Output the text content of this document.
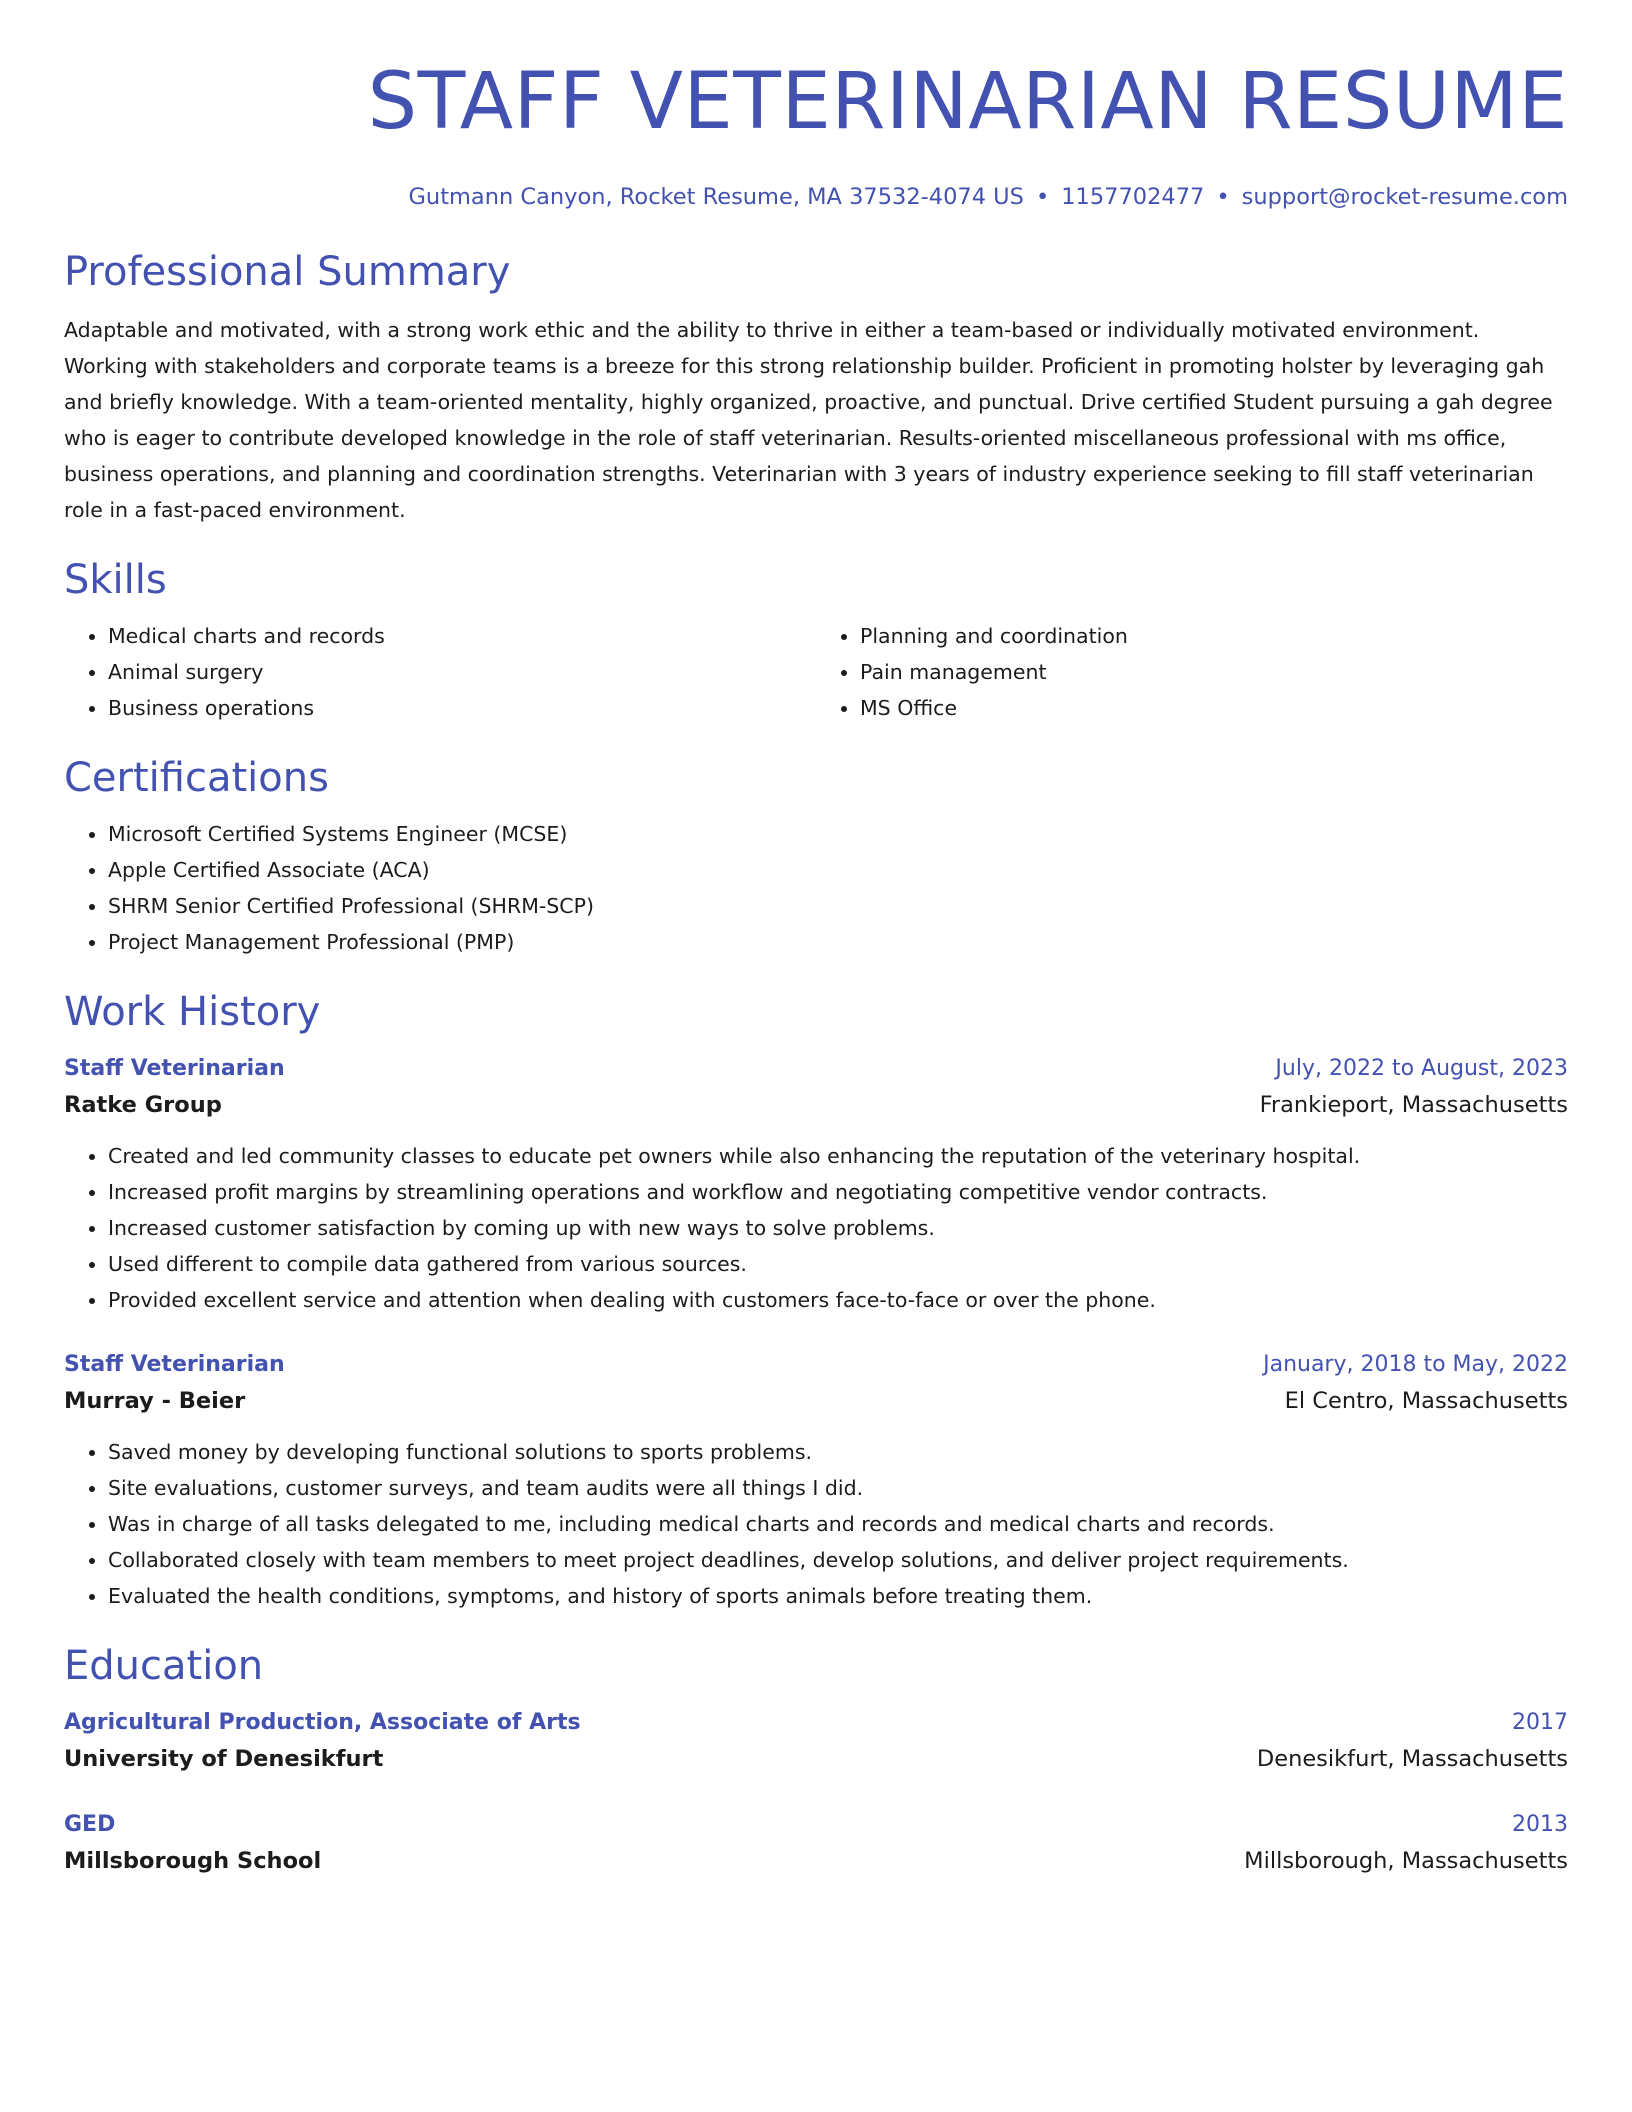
STAFF VETERINARIAN RESUME
Gutmann Canyon, Rocket Resume, MA 37532-4074 US • 1157702477 • support@rocket-resume.com
Professional Summary

Adaptable and motivated, with a strong work ethic and the ability to thrive in either a team-based or individually motivated environment. Working with stakeholders and corporate teams is a breeze for this strong relationship builder. Proficient in promoting holster by leveraging gah and briefly knowledge. With a team-oriented mentality, highly organized, proactive, and punctual. Drive certified Student pursuing a gah degree who is eager to contribute developed knowledge in the role of staff veterinarian. Results-oriented miscellaneous professional with ms office, business operations, and planning and coordination strengths. Veterinarian with 3 years of industry experience seeking to fill staff veterinarian role in a fast-paced environment.

Skills
• Medical charts and records
• Animal surgery
• Business operations
• Planning and coordination
• Pain management
• MS Office
Certifications
• Microsoft Certified Systems Engineer (MCSE)
• Apple Certified Associate (ACA)
• SHRM Senior Certified Professional (SHRM-SCP)
• Project Management Professional (PMP)
Work History
Staff Veterinarian	July, 2022 to August, 2023
Ratke Group	Frankieport, Massachusetts
• Created and led community classes to educate pet owners while also enhancing the reputation of the veterinary hospital.
• Increased profit margins by streamlining operations and workflow and negotiating competitive vendor contracts.
• Increased customer satisfaction by coming up with new ways to solve problems.
• Used different to compile data gathered from various sources.
• Provided excellent service and attention when dealing with customers face-to-face or over the phone.
Staff Veterinarian	January, 2018 to May, 2022
Murray - Beier	El Centro, Massachusetts
• Saved money by developing functional solutions to sports problems.
• Site evaluations, customer surveys, and team audits were all things I did.
• Was in charge of all tasks delegated to me, including medical charts and records and medical charts and records.
• Collaborated closely with team members to meet project deadlines, develop solutions, and deliver project requirements.
• Evaluated the health conditions, symptoms, and history of sports animals before treating them.
Education
Agricultural Production, Associate of Arts	2017
University of Denesikfurt	Denesikfurt, Massachusetts
GED	2013
Millsborough School	Millsborough, Massachusetts
